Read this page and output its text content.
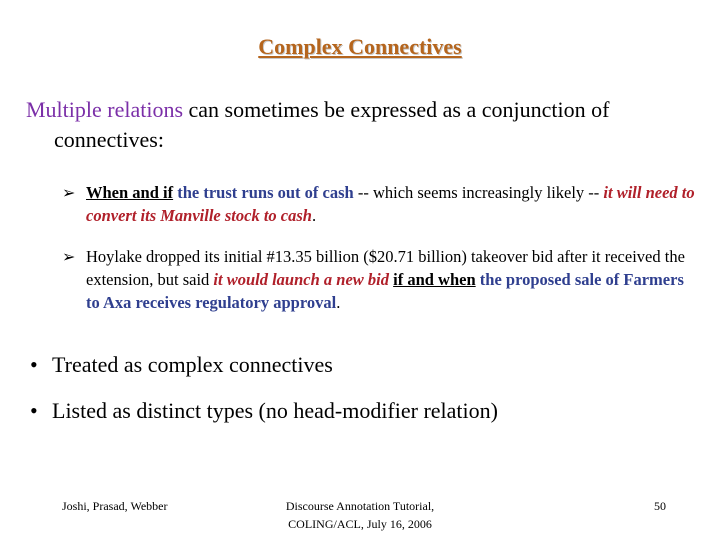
Complex Connectives
Multiple relations can sometimes be expressed as a conjunction of connectives:
➢ When and if the trust runs out of cash -- which seems increasingly likely -- it will need to convert its Manville stock to cash.
➢ Hoylake dropped its initial #13.35 billion ($20.71 billion) takeover bid after it received the extension, but said it would launch a new bid if and when the proposed sale of Farmers to Axa receives regulatory approval.
• Treated as complex connectives
• Listed as distinct types (no head-modifier relation)
Joshi, Prasad, Webber	Discourse Annotation Tutorial,
COLING/ACL, July 16, 2006
50
